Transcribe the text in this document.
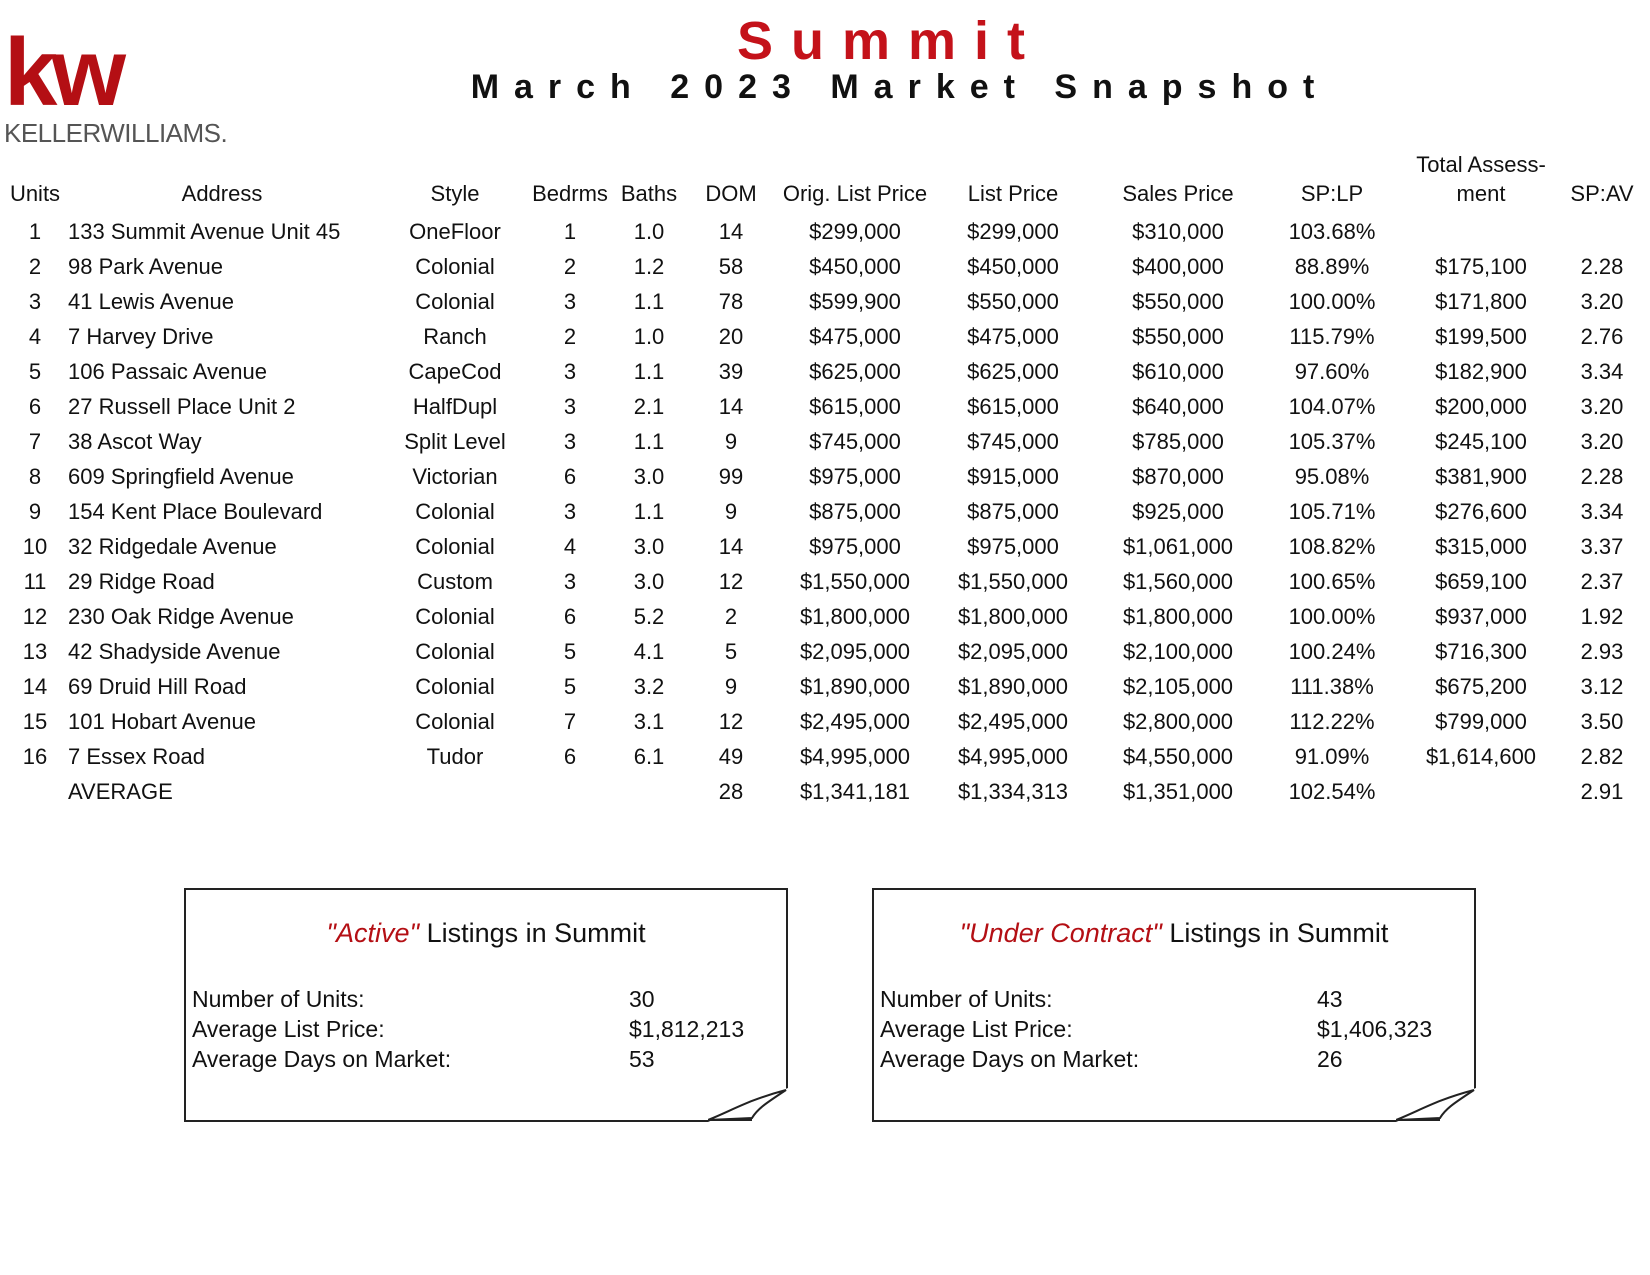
kw
KELLERWILLIAMS.
Summit
March 2023 Market Snapshot
Units	Address	Style	Bedrms	Baths	DOM	Orig. List Price	List Price	Sales Price	SP:LP	Total Assess-
ment	SP:AV
1	133 Summit Avenue Unit 45	OneFloor	1	1.0	14	$299,000	$299,000	$310,000	103.68%		
2	98 Park Avenue	Colonial	2	1.2	58	$450,000	$450,000	$400,000	88.89%	$175,100	2.28
3	41 Lewis Avenue	Colonial	3	1.1	78	$599,900	$550,000	$550,000	100.00%	$171,800	3.20
4	7 Harvey Drive	Ranch	2	1.0	20	$475,000	$475,000	$550,000	115.79%	$199,500	2.76
5	106 Passaic Avenue	CapeCod	3	1.1	39	$625,000	$625,000	$610,000	97.60%	$182,900	3.34
6	27 Russell Place Unit 2	HalfDupl	3	2.1	14	$615,000	$615,000	$640,000	104.07%	$200,000	3.20
7	38 Ascot Way	Split Level	3	1.1	9	$745,000	$745,000	$785,000	105.37%	$245,100	3.20
8	609 Springfield Avenue	Victorian	6	3.0	99	$975,000	$915,000	$870,000	95.08%	$381,900	2.28
9	154 Kent Place Boulevard	Colonial	3	1.1	9	$875,000	$875,000	$925,000	105.71%	$276,600	3.34
10	32 Ridgedale Avenue	Colonial	4	3.0	14	$975,000	$975,000	$1,061,000	108.82%	$315,000	3.37
11	29 Ridge Road	Custom	3	3.0	12	$1,550,000	$1,550,000	$1,560,000	100.65%	$659,100	2.37
12	230 Oak Ridge Avenue	Colonial	6	5.2	2	$1,800,000	$1,800,000	$1,800,000	100.00%	$937,000	1.92
13	42 Shadyside Avenue	Colonial	5	4.1	5	$2,095,000	$2,095,000	$2,100,000	100.24%	$716,300	2.93
14	69 Druid Hill Road	Colonial	5	3.2	9	$1,890,000	$1,890,000	$2,105,000	111.38%	$675,200	3.12
15	101 Hobart Avenue	Colonial	7	3.1	12	$2,495,000	$2,495,000	$2,800,000	112.22%	$799,000	3.50
16	7 Essex Road	Tudor	6	6.1	49	$4,995,000	$4,995,000	$4,550,000	91.09%	$1,614,600	2.82
	AVERAGE				28	$1,341,181	$1,334,313	$1,351,000	102.54%		2.91
"Active" Listings in Summit
Number of Units:	30
Average List Price:	$1,812,213
Average Days on Market:	53
"Under Contract" Listings in Summit
Number of Units:	43
Average List Price:	$1,406,323
Average Days on Market:	26
